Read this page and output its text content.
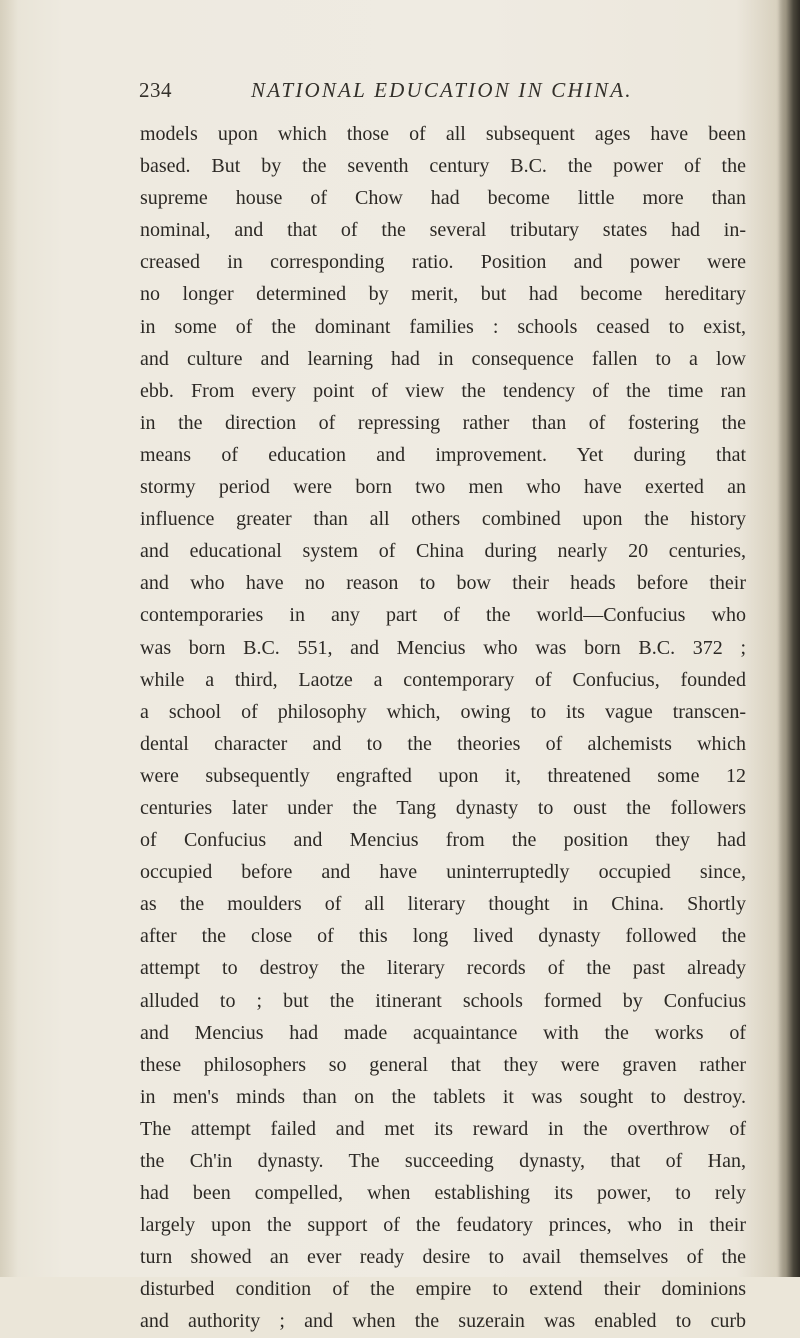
234	NATIONAL EDUCATION IN CHINA.
models upon which those of all subsequent ages have been
based. But by the seventh century B.C. the power of the
supreme house of Chow had become little more than
nominal, and that of the several tributary states had in-
creased in corresponding ratio. Position and power were
no longer determined by merit, but had become hereditary
in some of the dominant families : schools ceased to exist,
and culture and learning had in consequence fallen to a low
ebb. From every point of view the tendency of the time ran
in the direction of repressing rather than of fostering the
means of education and improvement. Yet during that
stormy period were born two men who have exerted an
influence greater than all others combined upon the history
and educational system of China during nearly 20 centuries,
and who have no reason to bow their heads before their
contemporaries in any part of the world—Confucius who
was born B.C. 551, and Mencius who was born B.C. 372 ;
while a third, Laotze a contemporary of Confucius, founded
a school of philosophy which, owing to its vague transcen-
dental character and to the theories of alchemists which
were subsequently engrafted upon it, threatened some 12
centuries later under the Tang dynasty to oust the followers
of Confucius and Mencius from the position they had
occupied before and have uninterruptedly occupied since,
as the moulders of all literary thought in China. Shortly
after the close of this long lived dynasty followed the
attempt to destroy the literary records of the past already
alluded to ; but the itinerant schools formed by Confucius
and Mencius had made acquaintance with the works of
these philosophers so general that they were graven rather
in men's minds than on the tablets it was sought to destroy.
The attempt failed and met its reward in the overthrow of
the Ch'in dynasty. The succeeding dynasty, that of Han,
had been compelled, when establishing its power, to rely
largely upon the support of the feudatory princes, who in their
turn showed an ever ready desire to avail themselves of the
disturbed condition of the empire to extend their dominions
and authority ; and when the suzerain was enabled to curb
